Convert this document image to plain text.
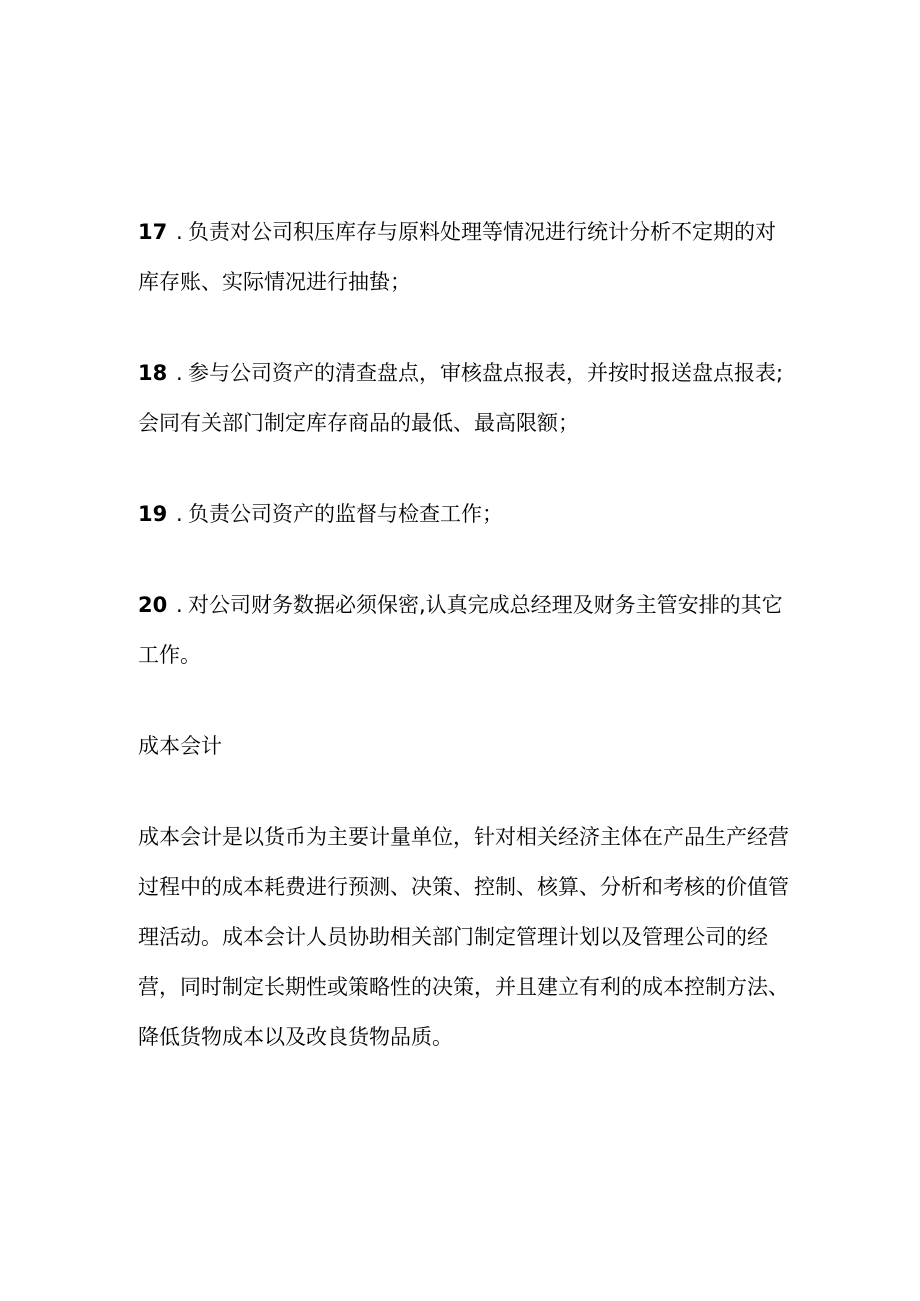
17 . 负责对公司积压库存与原料处理等情况进行统计分析不定期的对库存账、实际情况进行抽蛰；

18 . 参与公司资产的清查盘点，审核盘点报表，并按时报送盘点报表;会同有关部门制定库存商品的最低、最高限额；

19 . 负责公司资产的监督与检查工作；

20 . 对公司财务数据必须保密,认真完成总经理及财务主管安排的其它工作。

成本会计

成本会计是以货币为主要计量单位，针对相关经济主体在产品生产经营过程中的成本耗费进行预测、决策、控制、核算、分析和考核的价值管理活动。成本会计人员协助相关部门制定管理计划以及管理公司的经营，同时制定长期性或策略性的决策，并且建立有利的成本控制方法、降低货物成本以及改良货物品质。
